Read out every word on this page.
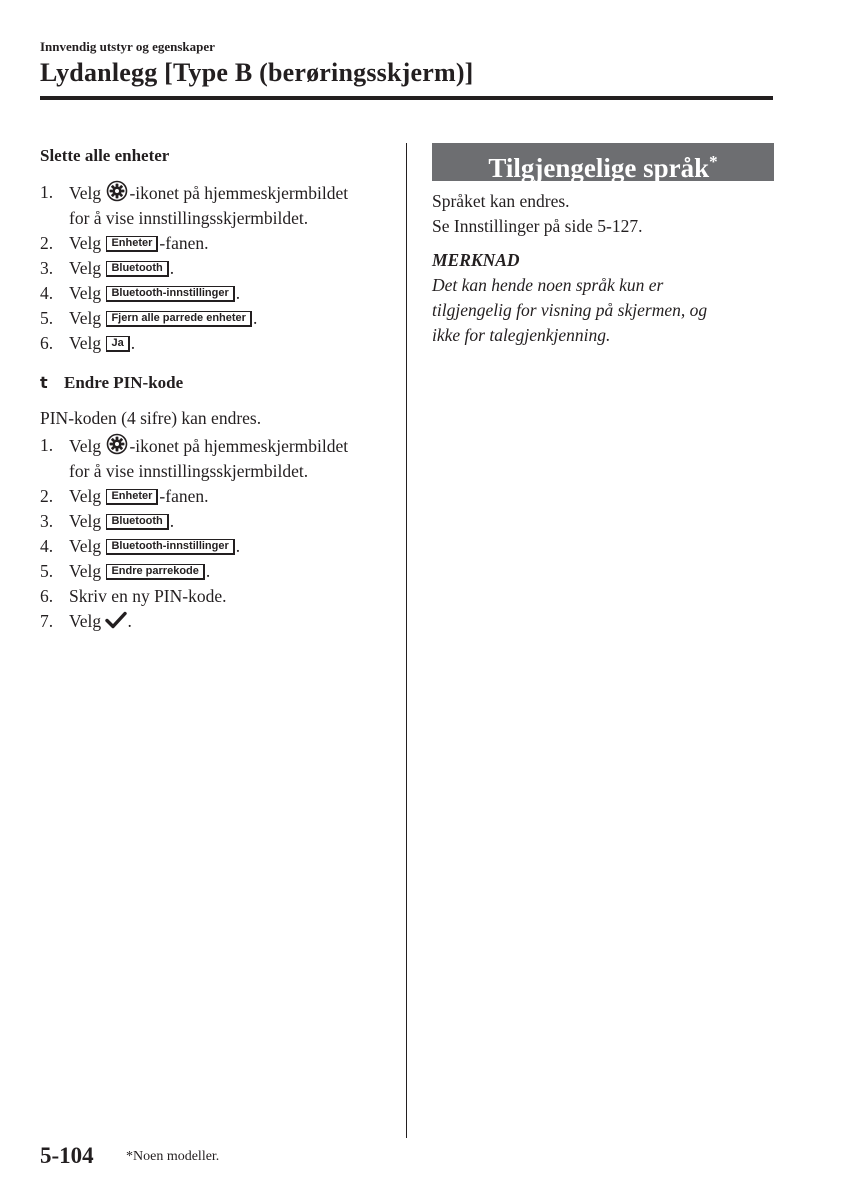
Innvendig utstyr og egenskaper
Lydanlegg [Type B (berøringsskjerm)]
Slette alle enheter
1. Velg -ikonet på hjemmeskjermbildet
for å vise innstillingsskjermbildet.
2. Velg Enheter -fanen.
3. Velg Bluetooth .
4. Velg Bluetooth-innstillinger .
5. Velg Fjern alle parrede enheter .
6. Velg Ja .
t Endre PIN-kode

PIN-koden (4 sifre) kan endres.

1. Velg -ikonet på hjemmeskjermbildet
for å vise innstillingsskjermbildet.
2. Velg Enheter -fanen.
3. Velg Bluetooth .
4. Velg Bluetooth-innstillinger .
5. Velg Endre parrekode .
6. Skriv en ny PIN-kode.
7. Velg .
Tilgjengelige språk*
Språket kan endres.
Se Innstillinger på side 5-127.
MERKNAD
Det kan hende noen språk kun er
tilgjengelig for visning på skjermen, og
ikke for talegjenkjenning.
5-104 *Noen modeller.
